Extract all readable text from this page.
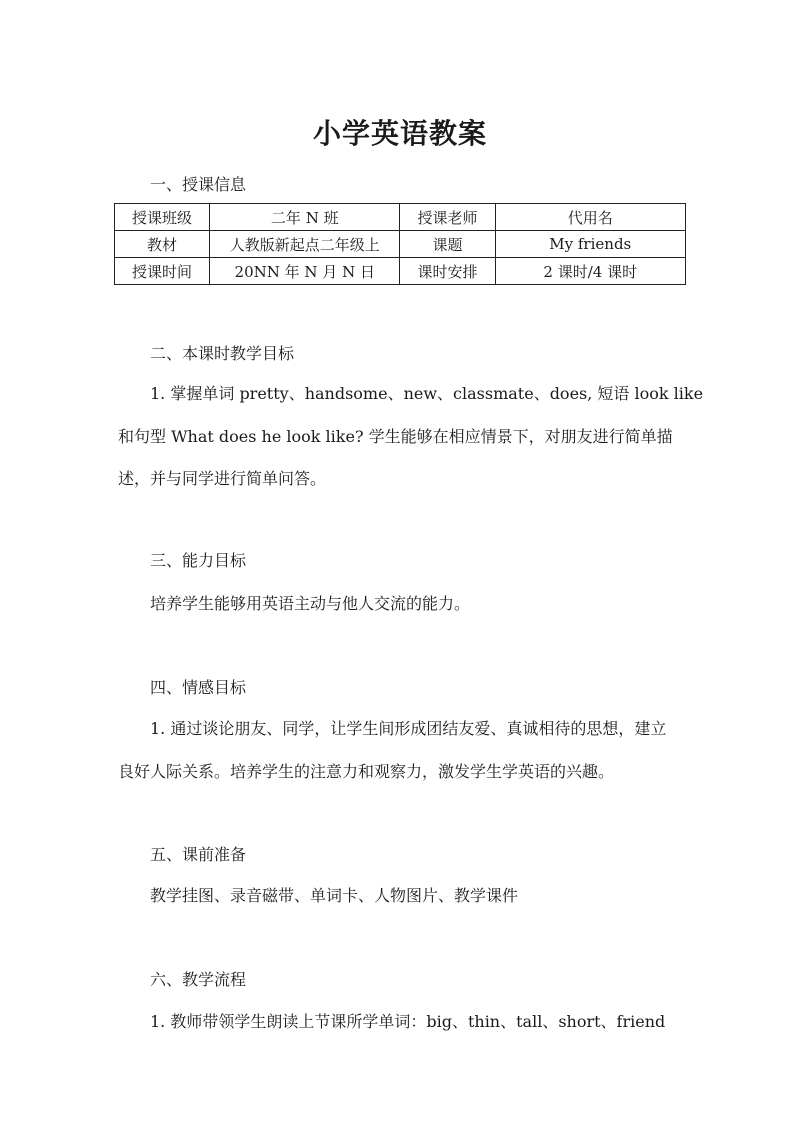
小学英语教案
一、授课信息
授课班级	二年 N 班	授课老师	代用名
教材	人教版新起点二年级上	课题	My friends
授课时间	20NN 年 N 月 N 日	课时安排	2 课时/4 课时
二、本课时教学目标
1. 掌握单词 pretty、handsome、new、classmate、does, 短语 look like
和句型 What does he look like? 学生能够在相应情景下，对朋友进行简单描
述，并与同学进行简单问答。
三、能力目标
培养学生能够用英语主动与他人交流的能力。
四、情感目标
1. 通过谈论朋友、同学，让学生间形成团结友爱、真诚相待的思想，建立
良好人际关系。培养学生的注意力和观察力，激发学生学英语的兴趣。
五、课前准备
教学挂图、录音磁带、单词卡、人物图片、教学课件
六、教学流程
1. 教师带领学生朗读上节课所学单词：big、thin、tall、short、friend
